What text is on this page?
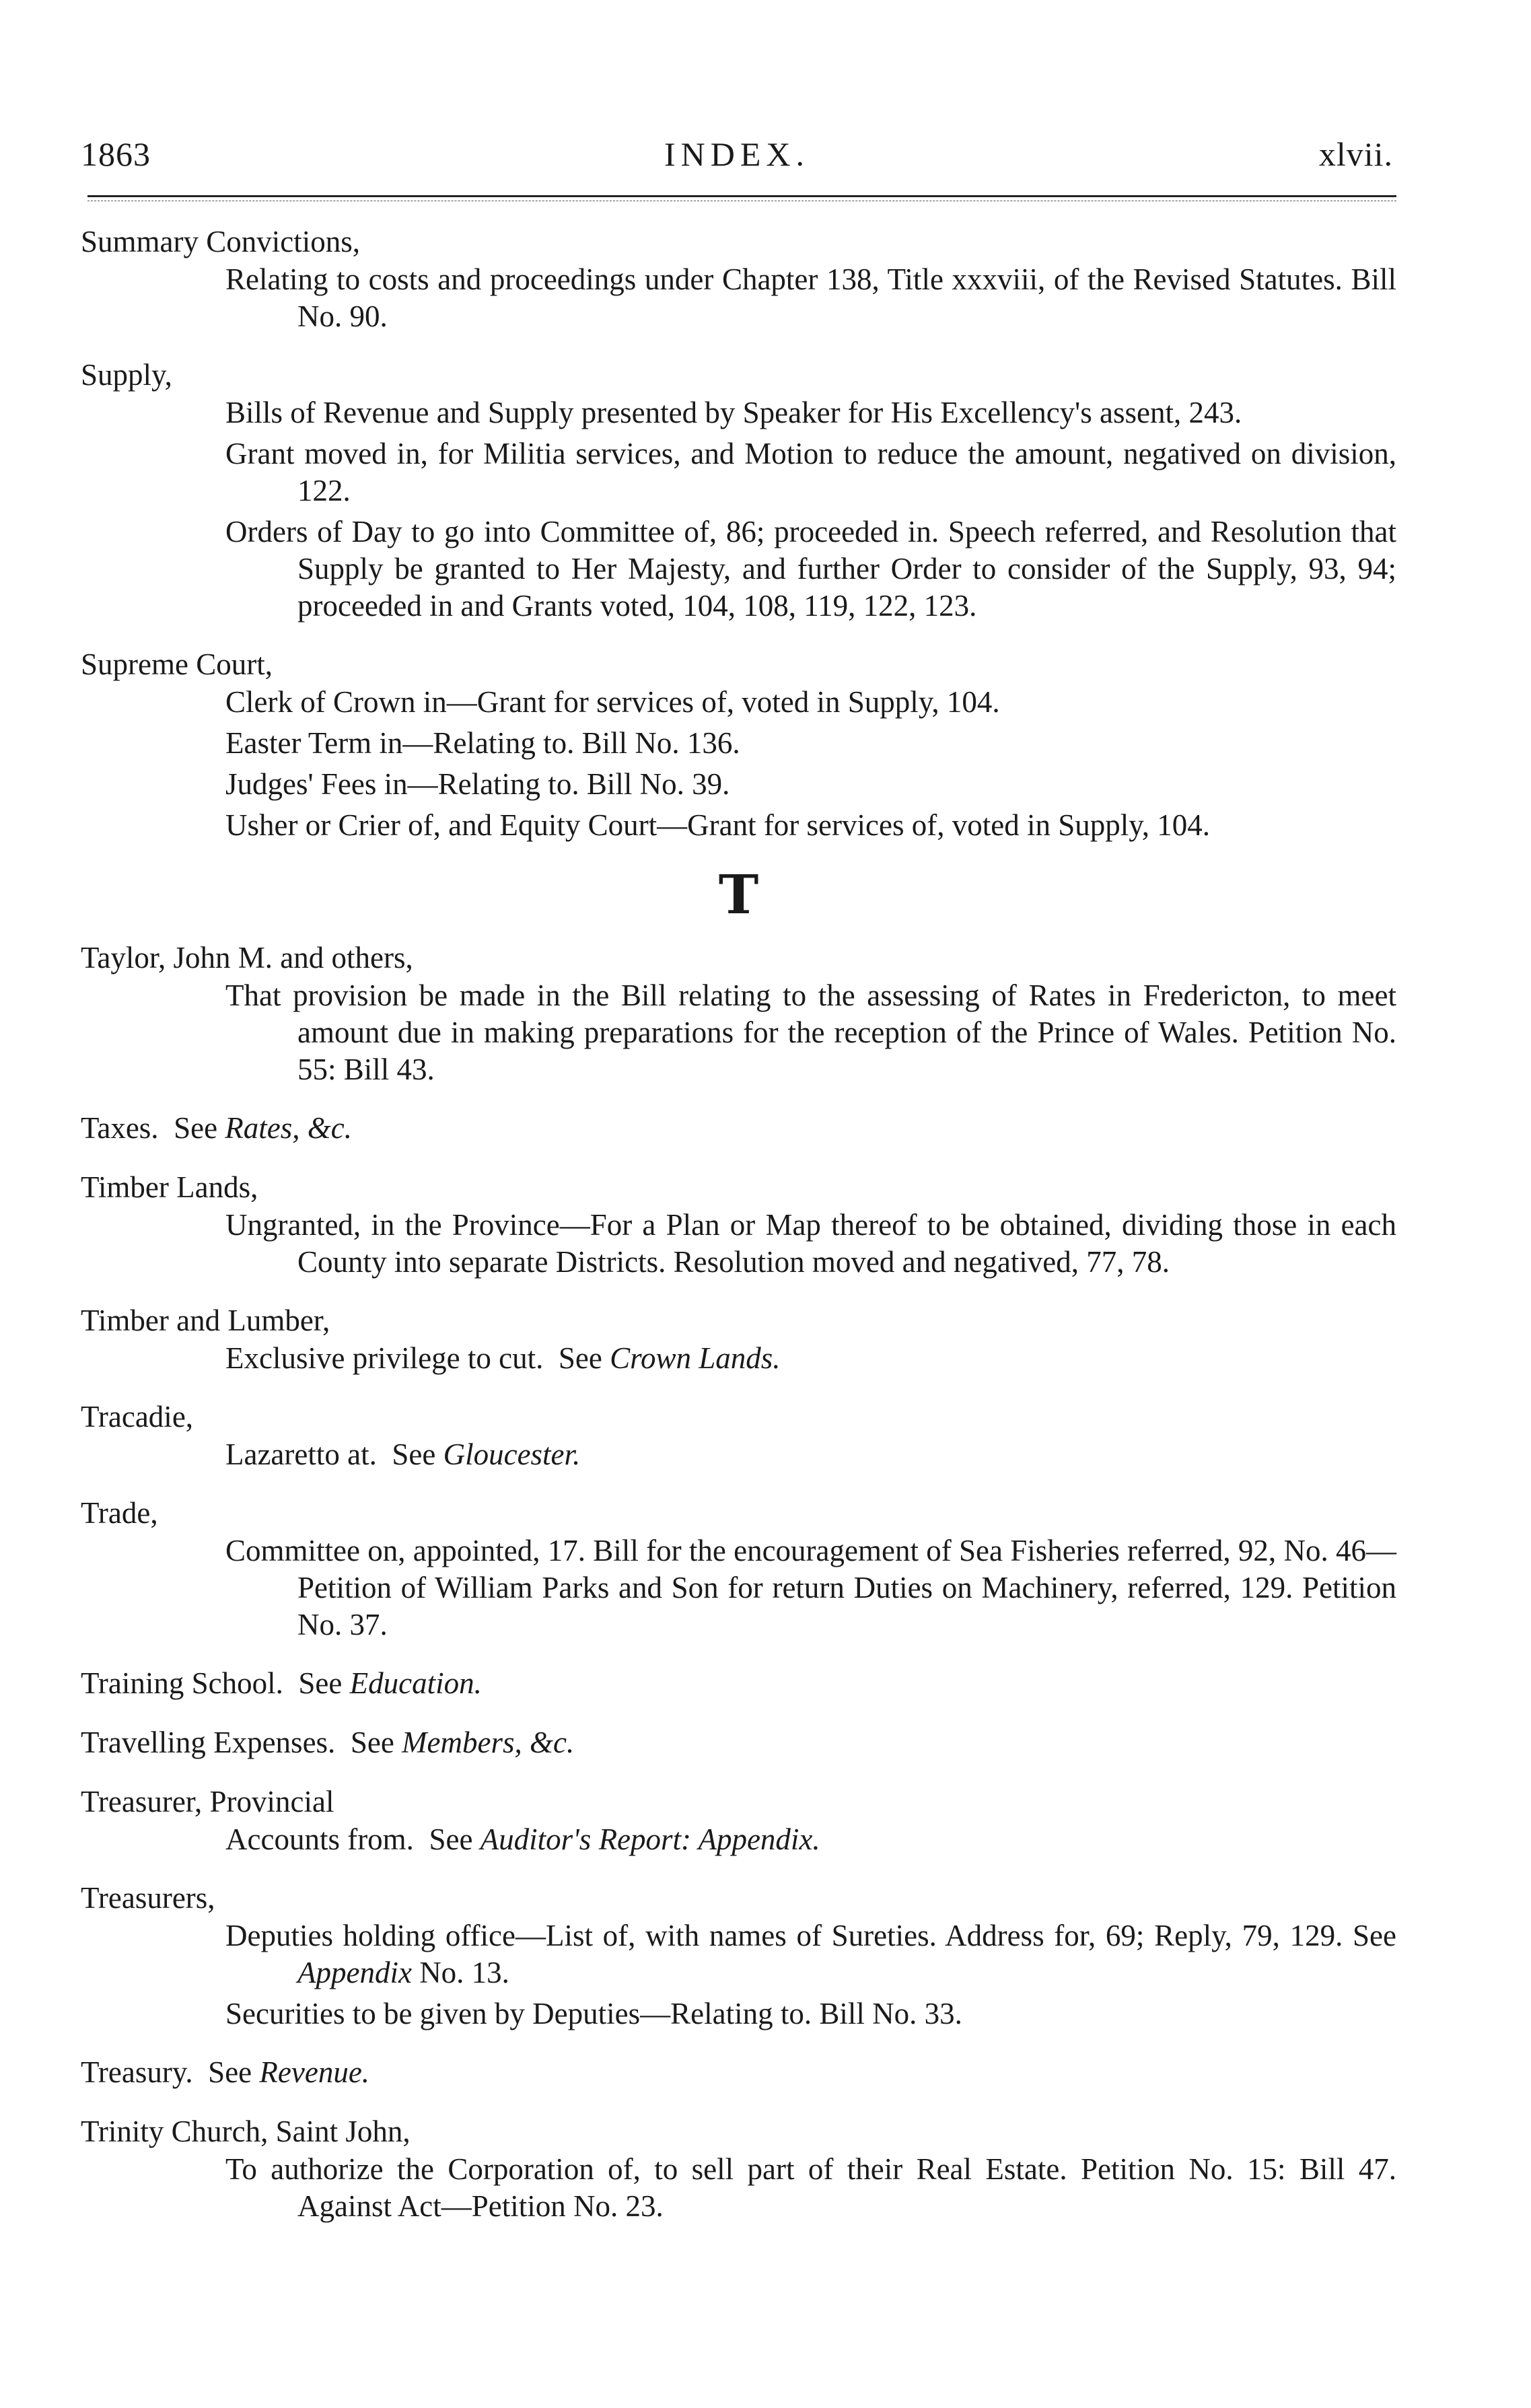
1863	INDEX.	xlvii.

Summary Convictions,

Relating to costs and proceedings under Chapter 138, Title xxxviii, of the Revised Statutes. Bill No. 90.

Supply,

Bills of Revenue and Supply presented by Speaker for His Excellency's assent, 243.

Grant moved in, for Militia services, and Motion to reduce the amount, negatived on division, 122.

Orders of Day to go into Committee of, 86; proceeded in. Speech referred, and Resolution that Supply be granted to Her Majesty, and further Order to consider of the Supply, 93, 94; proceeded in and Grants voted, 104, 108, 119, 122, 123.

Supreme Court,

Clerk of Crown in—Grant for services of, voted in Supply, 104.

Easter Term in—Relating to. Bill No. 136.

Judges' Fees in—Relating to. Bill No. 39.

Usher or Crier of, and Equity Court—Grant for services of, voted in Supply, 104.

T

Taylor, John M. and others,

That provision be made in the Bill relating to the assessing of Rates in Fredericton, to meet amount due in making preparations for the reception of the Prince of Wales. Petition No. 55: Bill 43.

Taxes. See Rates, &c.

Timber Lands,

Ungranted, in the Province—For a Plan or Map thereof to be obtained, dividing those in each County into separate Districts. Resolution moved and negatived, 77, 78.

Timber and Lumber,

Exclusive privilege to cut. See Crown Lands.

Tracadie,

Lazaretto at. See Gloucester.

Trade,

Committee on, appointed, 17. Bill for the encouragement of Sea Fisheries referred, 92, No. 46—Petition of William Parks and Son for return Duties on Machinery, referred, 129. Petition No. 37.

Training School. See Education.

Travelling Expenses. See Members, &c.

Treasurer, Provincial

Accounts from. See Auditor's Report: Appendix.

Treasurers,

Deputies holding office—List of, with names of Sureties. Address for, 69; Reply, 79, 129. See Appendix No. 13.

Securities to be given by Deputies—Relating to. Bill No. 33.

Treasury. See Revenue.

Trinity Church, Saint John,

To authorize the Corporation of, to sell part of their Real Estate. Petition No. 15: Bill 47. Against Act—Petition No. 23.
